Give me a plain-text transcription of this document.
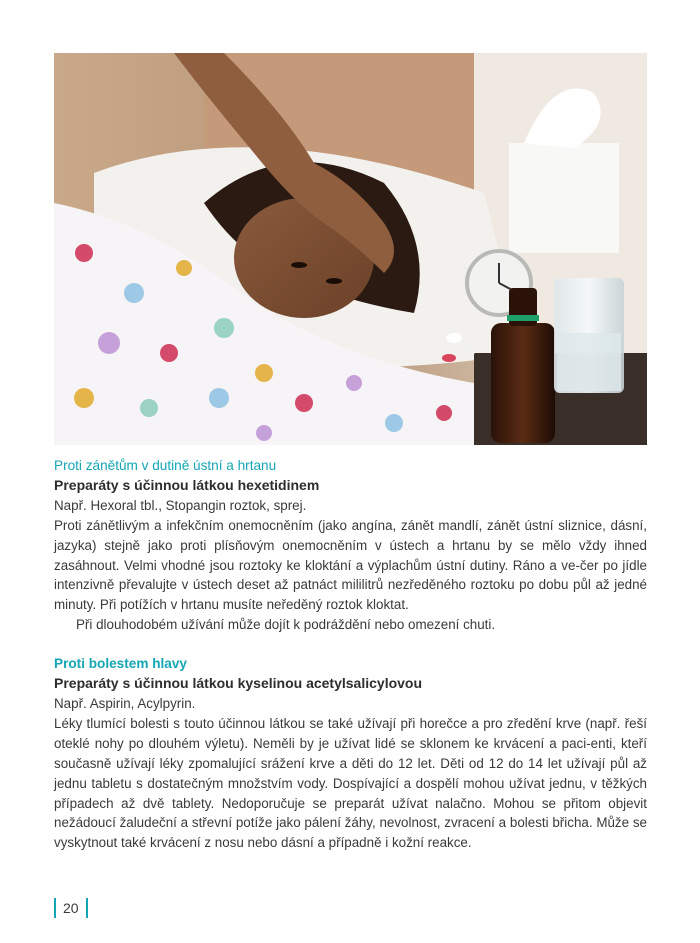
Proti zánětům v dutině ústní a hrtanu

Preparáty s účinnou látkou hexetidinem

Např. Hexoral tbl., Stopangin roztok, sprej.

Proti zánětlivým a infekčním onemocněním (jako angína, zánět mandlí, zánět ústní sliznice, dásní, jazyka) stejně jako proti plísňovým onemocněním v ústech a hrtanu by se mělo vždy ihned zasáhnout. Velmi vhodné jsou roztoky ke kloktání a výplachům ústní dutiny. Ráno a ve-čer po jídle intenzivně převalujte v ústech deset až patnáct mililitrů nezředěného roztoku po dobu půl až jedné minuty. Při potížích v hrtanu musíte neředěný roztok kloktat.

Při dlouhodobém užívání může dojít k podráždění nebo omezení chuti.

Proti bolestem hlavy

Preparáty s účinnou látkou kyselinou acetylsalicylovou

Např. Aspirin, Acylpyrin.

Léky tlumící bolesti s touto účinnou látkou se také užívají při horečce a pro zředění krve (např. řeší oteklé nohy po dlouhém výletu). Neměli by je užívat lidé se sklonem ke krvácení a paci-enti, kteří současně užívají léky zpomalující srážení krve a děti do 12 let. Děti od 12 do 14 let užívají půl až jednu tabletu s dostatečným množstvím vody. Dospívající a dospělí mohou užívat jednu, v těžkých případech až dvě tablety. Nedoporučuje se preparát užívat nalačno. Mohou se přitom objevit nežádoucí žaludeční a střevní potíže jako pálení žáhy, nevolnost, zvracení a bolesti břicha. Může se vyskytnout také krvácení z nosu nebo dásní a případně i kožní reakce.

20
